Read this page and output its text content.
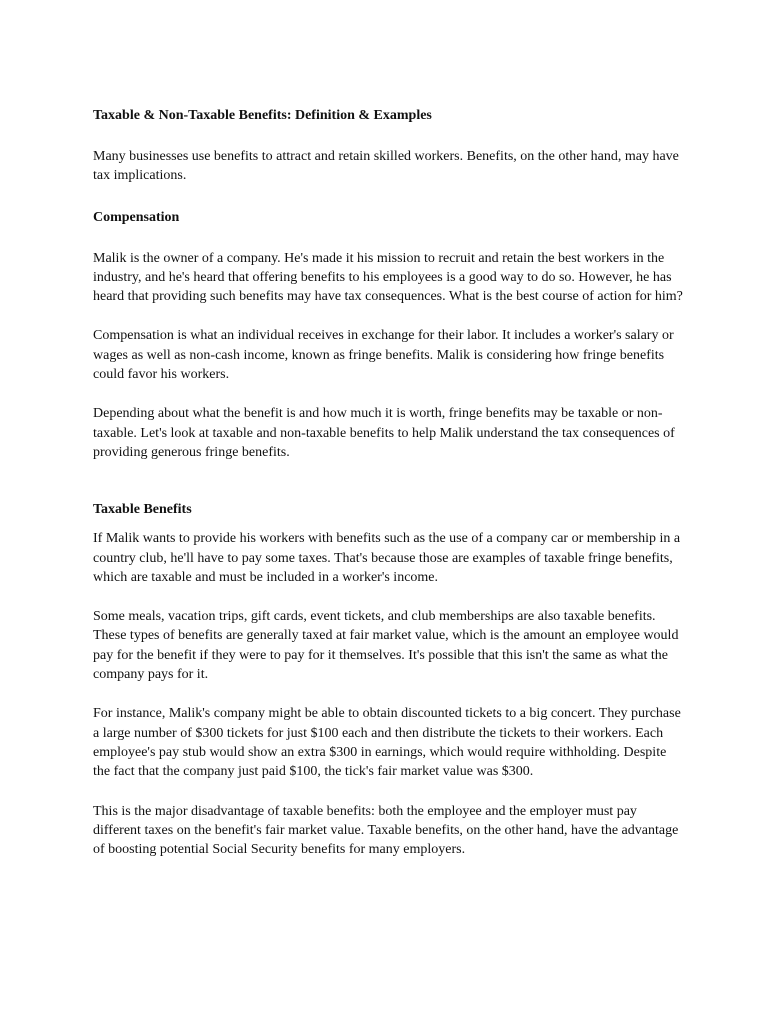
Taxable & Non-Taxable Benefits: Definition & Examples

Many businesses use benefits to attract and retain skilled workers. Benefits, on the other hand, may have tax implications.

Compensation

Malik is the owner of a company. He's made it his mission to recruit and retain the best workers in the industry, and he's heard that offering benefits to his employees is a good way to do so. However, he has heard that providing such benefits may have tax consequences. What is the best course of action for him?

Compensation is what an individual receives in exchange for their labor. It includes a worker's salary or wages as well as non-cash income, known as fringe benefits. Malik is considering how fringe benefits could favor his workers.

Depending about what the benefit is and how much it is worth, fringe benefits may be taxable or non-taxable. Let's look at taxable and non-taxable benefits to help Malik understand the tax consequences of providing generous fringe benefits.

Taxable Benefits

If Malik wants to provide his workers with benefits such as the use of a company car or membership in a country club, he'll have to pay some taxes. That's because those are examples of taxable fringe benefits, which are taxable and must be included in a worker's income.

Some meals, vacation trips, gift cards, event tickets, and club memberships are also taxable benefits. These types of benefits are generally taxed at fair market value, which is the amount an employee would pay for the benefit if they were to pay for it themselves. It's possible that this isn't the same as what the company pays for it.

For instance, Malik's company might be able to obtain discounted tickets to a big concert. They purchase a large number of $300 tickets for just $100 each and then distribute the tickets to their workers. Each employee's pay stub would show an extra $300 in earnings, which would require withholding. Despite the fact that the company just paid $100, the tick's fair market value was $300.

This is the major disadvantage of taxable benefits: both the employee and the employer must pay different taxes on the benefit's fair market value. Taxable benefits, on the other hand, have the advantage of boosting potential Social Security benefits for many employers.
